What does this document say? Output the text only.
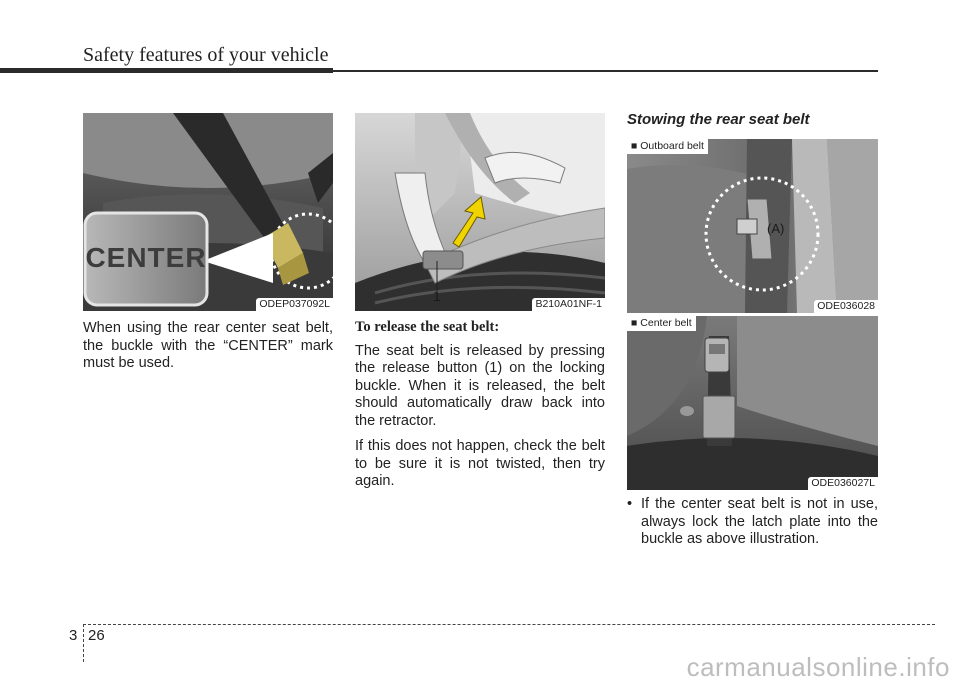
Safety features of your vehicle
CENTER
ODEP037092L	1	B210A01NF-1
Stowing the rear seat belt
(A)
■ Outboard belt
ODE036028
■ Center belt
ODE036027L

When using the rear center seat belt, the buckle with the “CENTER” mark must be used.

To release the seat belt:

The seat belt is released by pressing the release button (1) on the locking buckle. When it is released, the belt should automatically draw back into the retractor.

If this does not happen, check the belt to be sure it is not twisted, then try again.

• If the center seat belt is not in use, always lock the latch plate into the buckle as above illustration.
3 26
carmanualsonline.info
